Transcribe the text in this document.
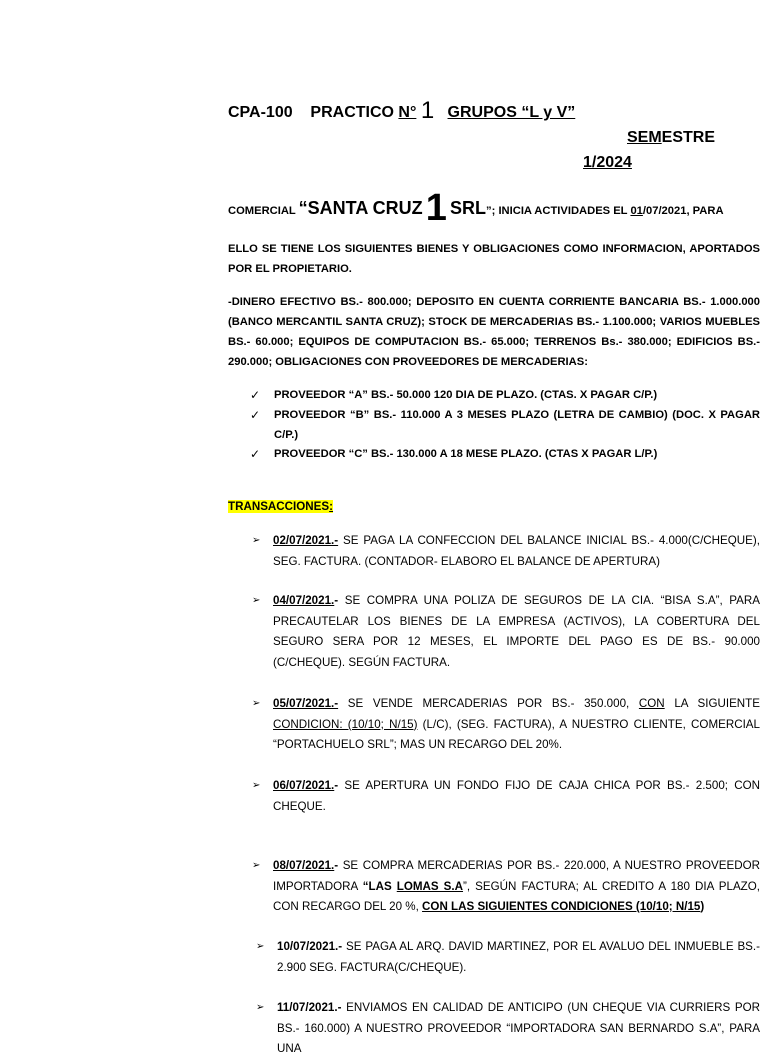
CPA-100 PRACTICO N° 1 GRUPOS “L y V”
SEMESTRE
1/2024
COMERCIAL “SANTA CRUZ 1 SRL”; INICIA ACTIVIDADES EL 01/07/2021, PARA
ELLO SE TIENE LOS SIGUIENTES BIENES Y OBLIGACIONES COMO INFORMACION, APORTADOS POR EL PROPIETARIO.
-DINERO EFECTIVO BS.- 800.000; DEPOSITO EN CUENTA CORRIENTE BANCARIA BS.- 1.000.000 (BANCO MERCANTIL SANTA CRUZ); STOCK DE MERCADERIAS BS.- 1.100.000; VARIOS MUEBLES BS.- 60.000; EQUIPOS DE COMPUTACION BS.- 65.000; TERRENOS Bs.- 380.000; EDIFICIOS BS.- 290.000; OBLIGACIONES CON PROVEEDORES DE MERCADERIAS:
✓ PROVEEDOR “A” BS.- 50.000 120 DIA DE PLAZO. (CTAS. X PAGAR C/P.)
✓ PROVEEDOR “B” BS.- 110.000 A 3 MESES PLAZO (LETRA DE CAMBIO) (DOC. X PAGAR C/P.)
✓ PROVEEDOR “C” BS.- 130.000 A 18 MESE PLAZO. (CTAS X PAGAR L/P.)
TRANSACCIONES:
➢ 02/07/2021.- SE PAGA LA CONFECCION DEL BALANCE INICIAL BS.- 4.000(C/CHEQUE), SEG. FACTURA. (CONTADOR- ELABORO EL BALANCE DE APERTURA)
➢ 04/07/2021.- SE COMPRA UNA POLIZA DE SEGUROS DE LA CIA. “BISA S.A”, PARA PRECAUTELAR LOS BIENES DE LA EMPRESA (ACTIVOS), LA COBERTURA DEL SEGURO SERA POR 12 MESES, EL IMPORTE DEL PAGO ES DE BS.- 90.000 (C/CHEQUE). SEGÚN FACTURA.
➢ 05/07/2021.- SE VENDE MERCADERIAS POR BS.- 350.000, CON LA SIGUIENTE CONDICION: (10/10; N/15) (L/C), (SEG. FACTURA), A NUESTRO CLIENTE, COMERCIAL “PORTACHUELO SRL”; MAS UN RECARGO DEL 20%.
➢ 06/07/2021.- SE APERTURA UN FONDO FIJO DE CAJA CHICA POR BS.- 2.500; CON CHEQUE.
➢ 08/07/2021.- SE COMPRA MERCADERIAS POR BS.- 220.000, A NUESTRO PROVEEDOR IMPORTADORA “LAS LOMAS S.A”, SEGÚN FACTURA; AL CREDITO A 180 DIA PLAZO, CON RECARGO DEL 20 %, CON LAS SIGUIENTES CONDICIONES (10/10; N/15)
➢ 10/07/2021.- SE PAGA AL ARQ. DAVID MARTINEZ, POR EL AVALUO DEL INMUEBLE BS.- 2.900 SEG. FACTURA(C/CHEQUE).
➢ 11/07/2021.- ENVIAMOS EN CALIDAD DE ANTICIPO (UN CHEQUE VIA CURRIERS POR BS.- 160.000) A NUESTRO PROVEEDOR “IMPORTADORA SAN BERNARDO S.A”, PARA UNA
